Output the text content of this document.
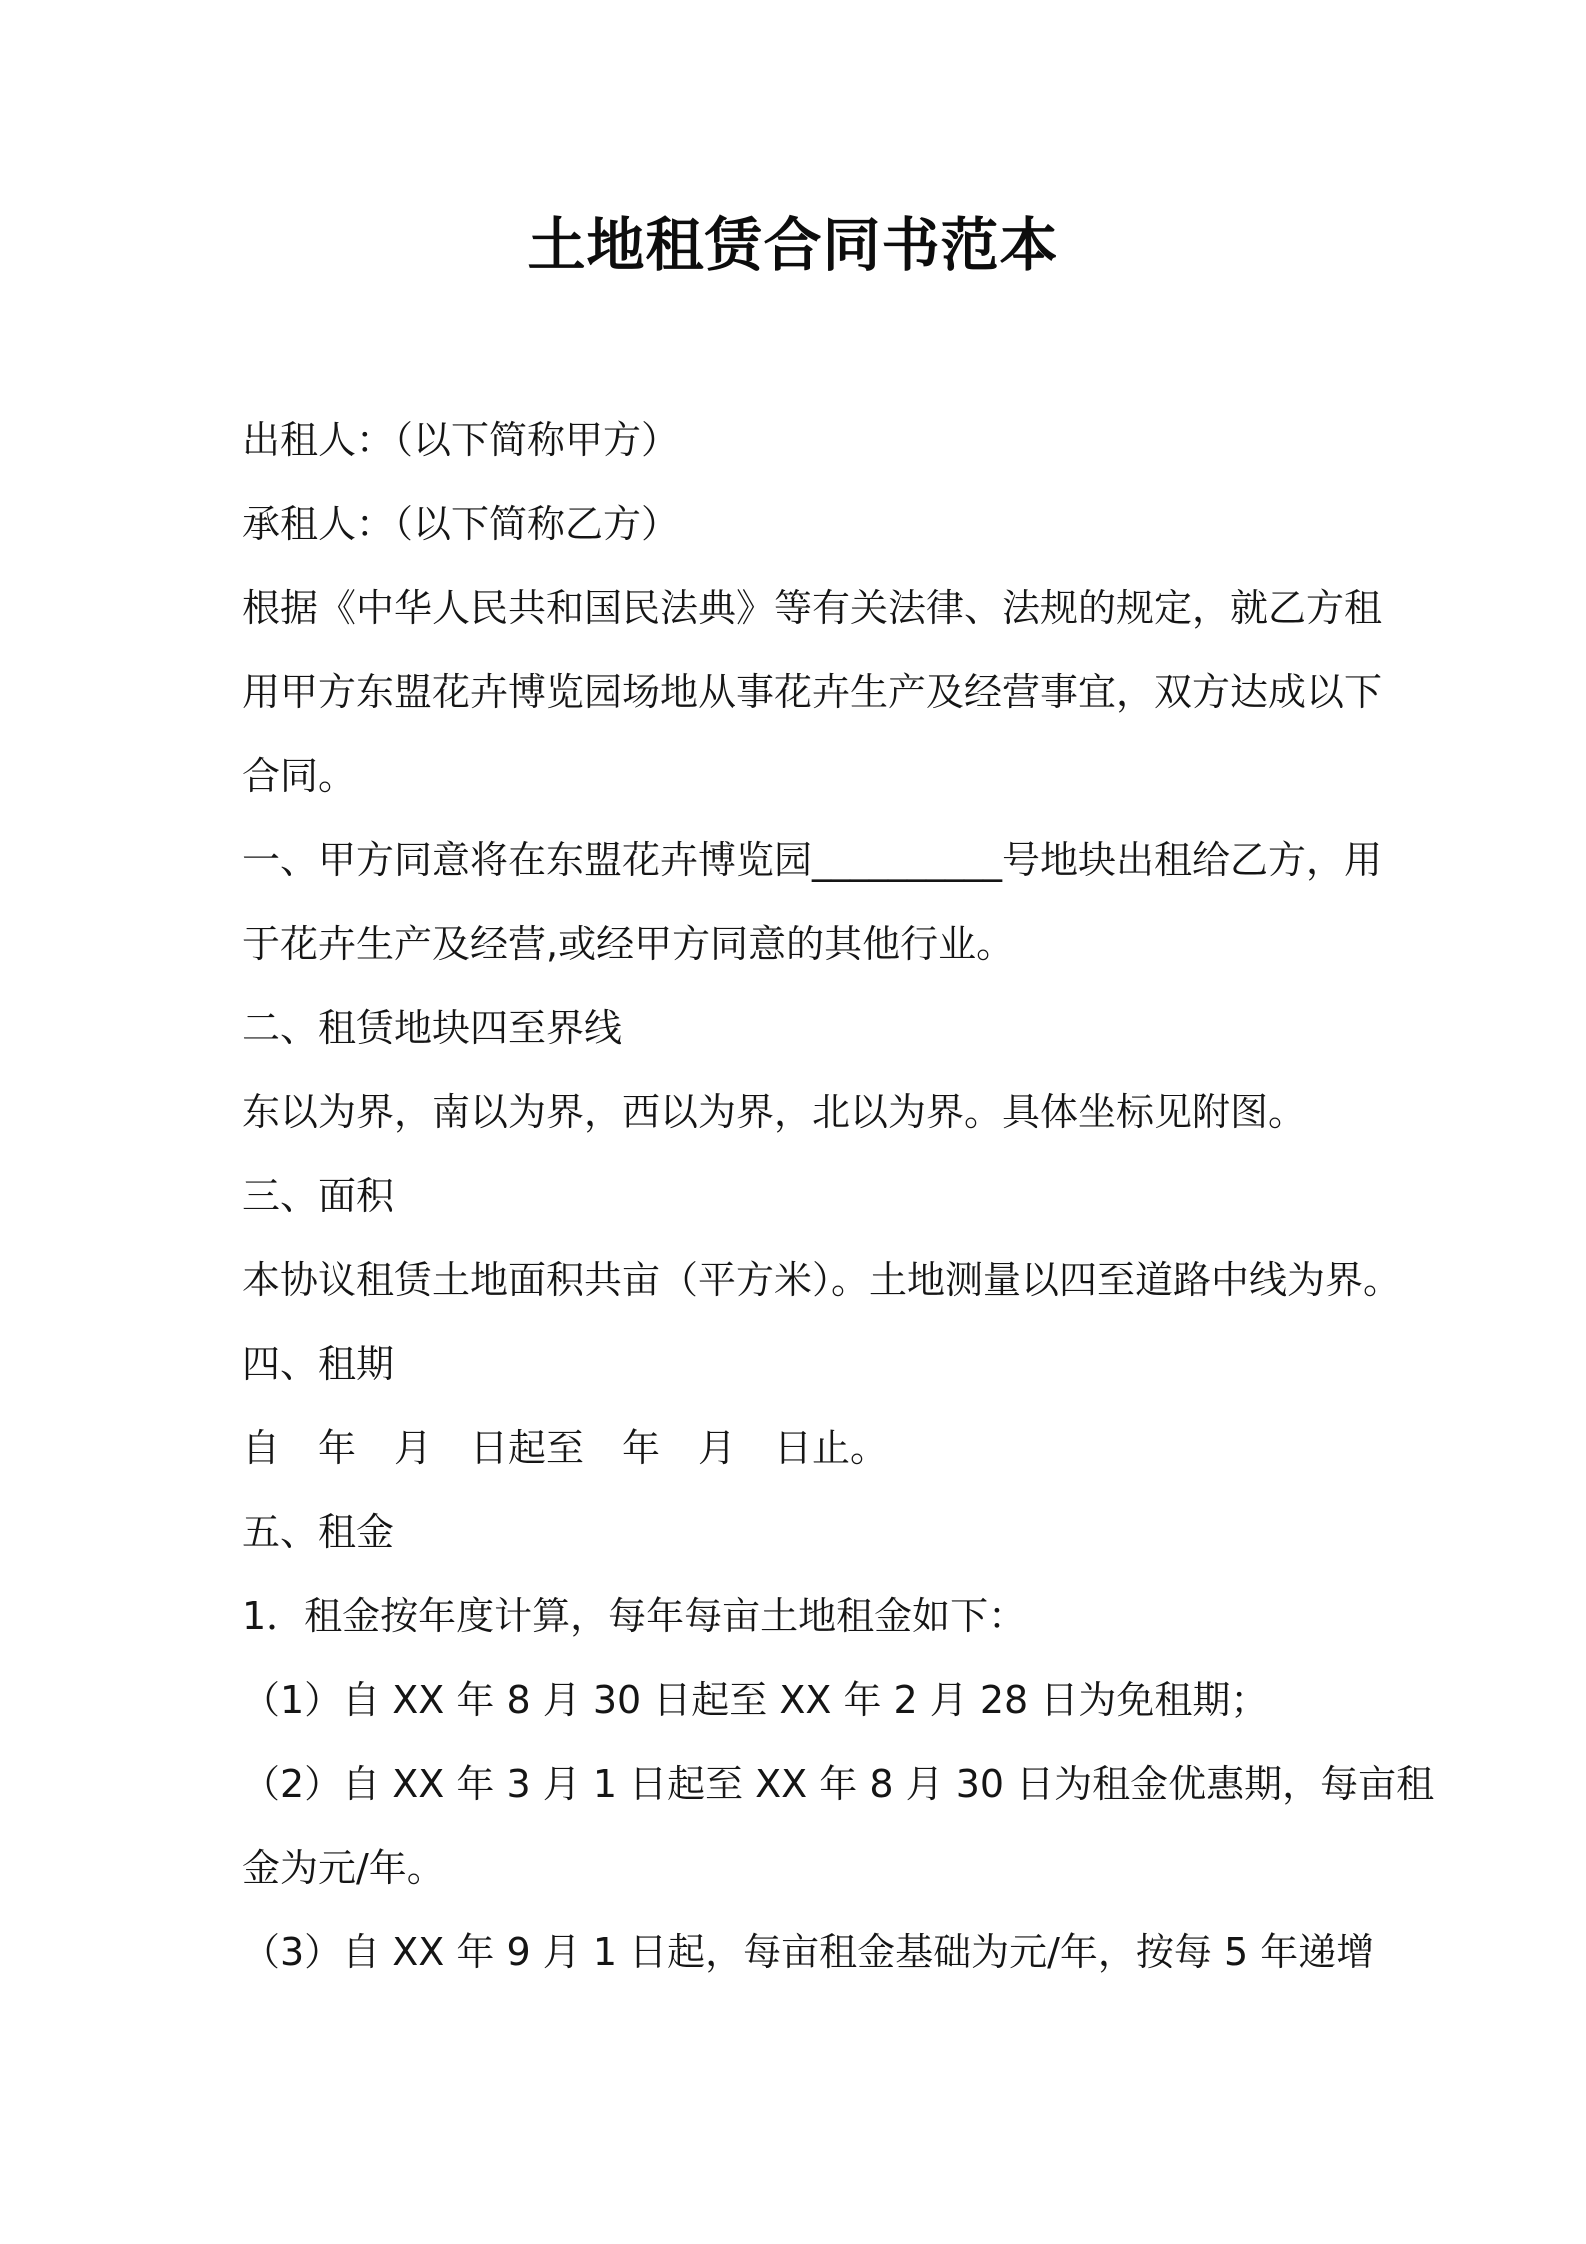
土地租赁合同书范本
出租人：（以下简称甲方）
承租人：（以下简称乙方）
根据《中华人民共和国民法典》等有关法律、法规的规定，就乙方租
用甲方东盟花卉博览园场地从事花卉生产及经营事宜，双方达成以下
合同。
一、甲方同意将在东盟花卉博览园__________号地块出租给乙方，用
于花卉生产及经营,或经甲方同意的其他行业。
二、租赁地块四至界线
东以为界，南以为界，西以为界，北以为界。具体坐标见附图。
三、面积
本协议租赁土地面积共亩（平方米）。土地测量以四至道路中线为界。
四、租期
自　年　月　日起至　年　月　日止。
五、租金
1．租金按年度计算，每年每亩土地租金如下：
（1）自 XX 年 8 月 30 日起至 XX 年 2 月 28 日为免租期；
（2）自 XX 年 3 月 1 日起至 XX 年 8 月 30 日为租金优惠期，每亩租
金为元/年。
（3）自 XX 年 9 月 1 日起，每亩租金基础为元/年，按每 5 年递增
